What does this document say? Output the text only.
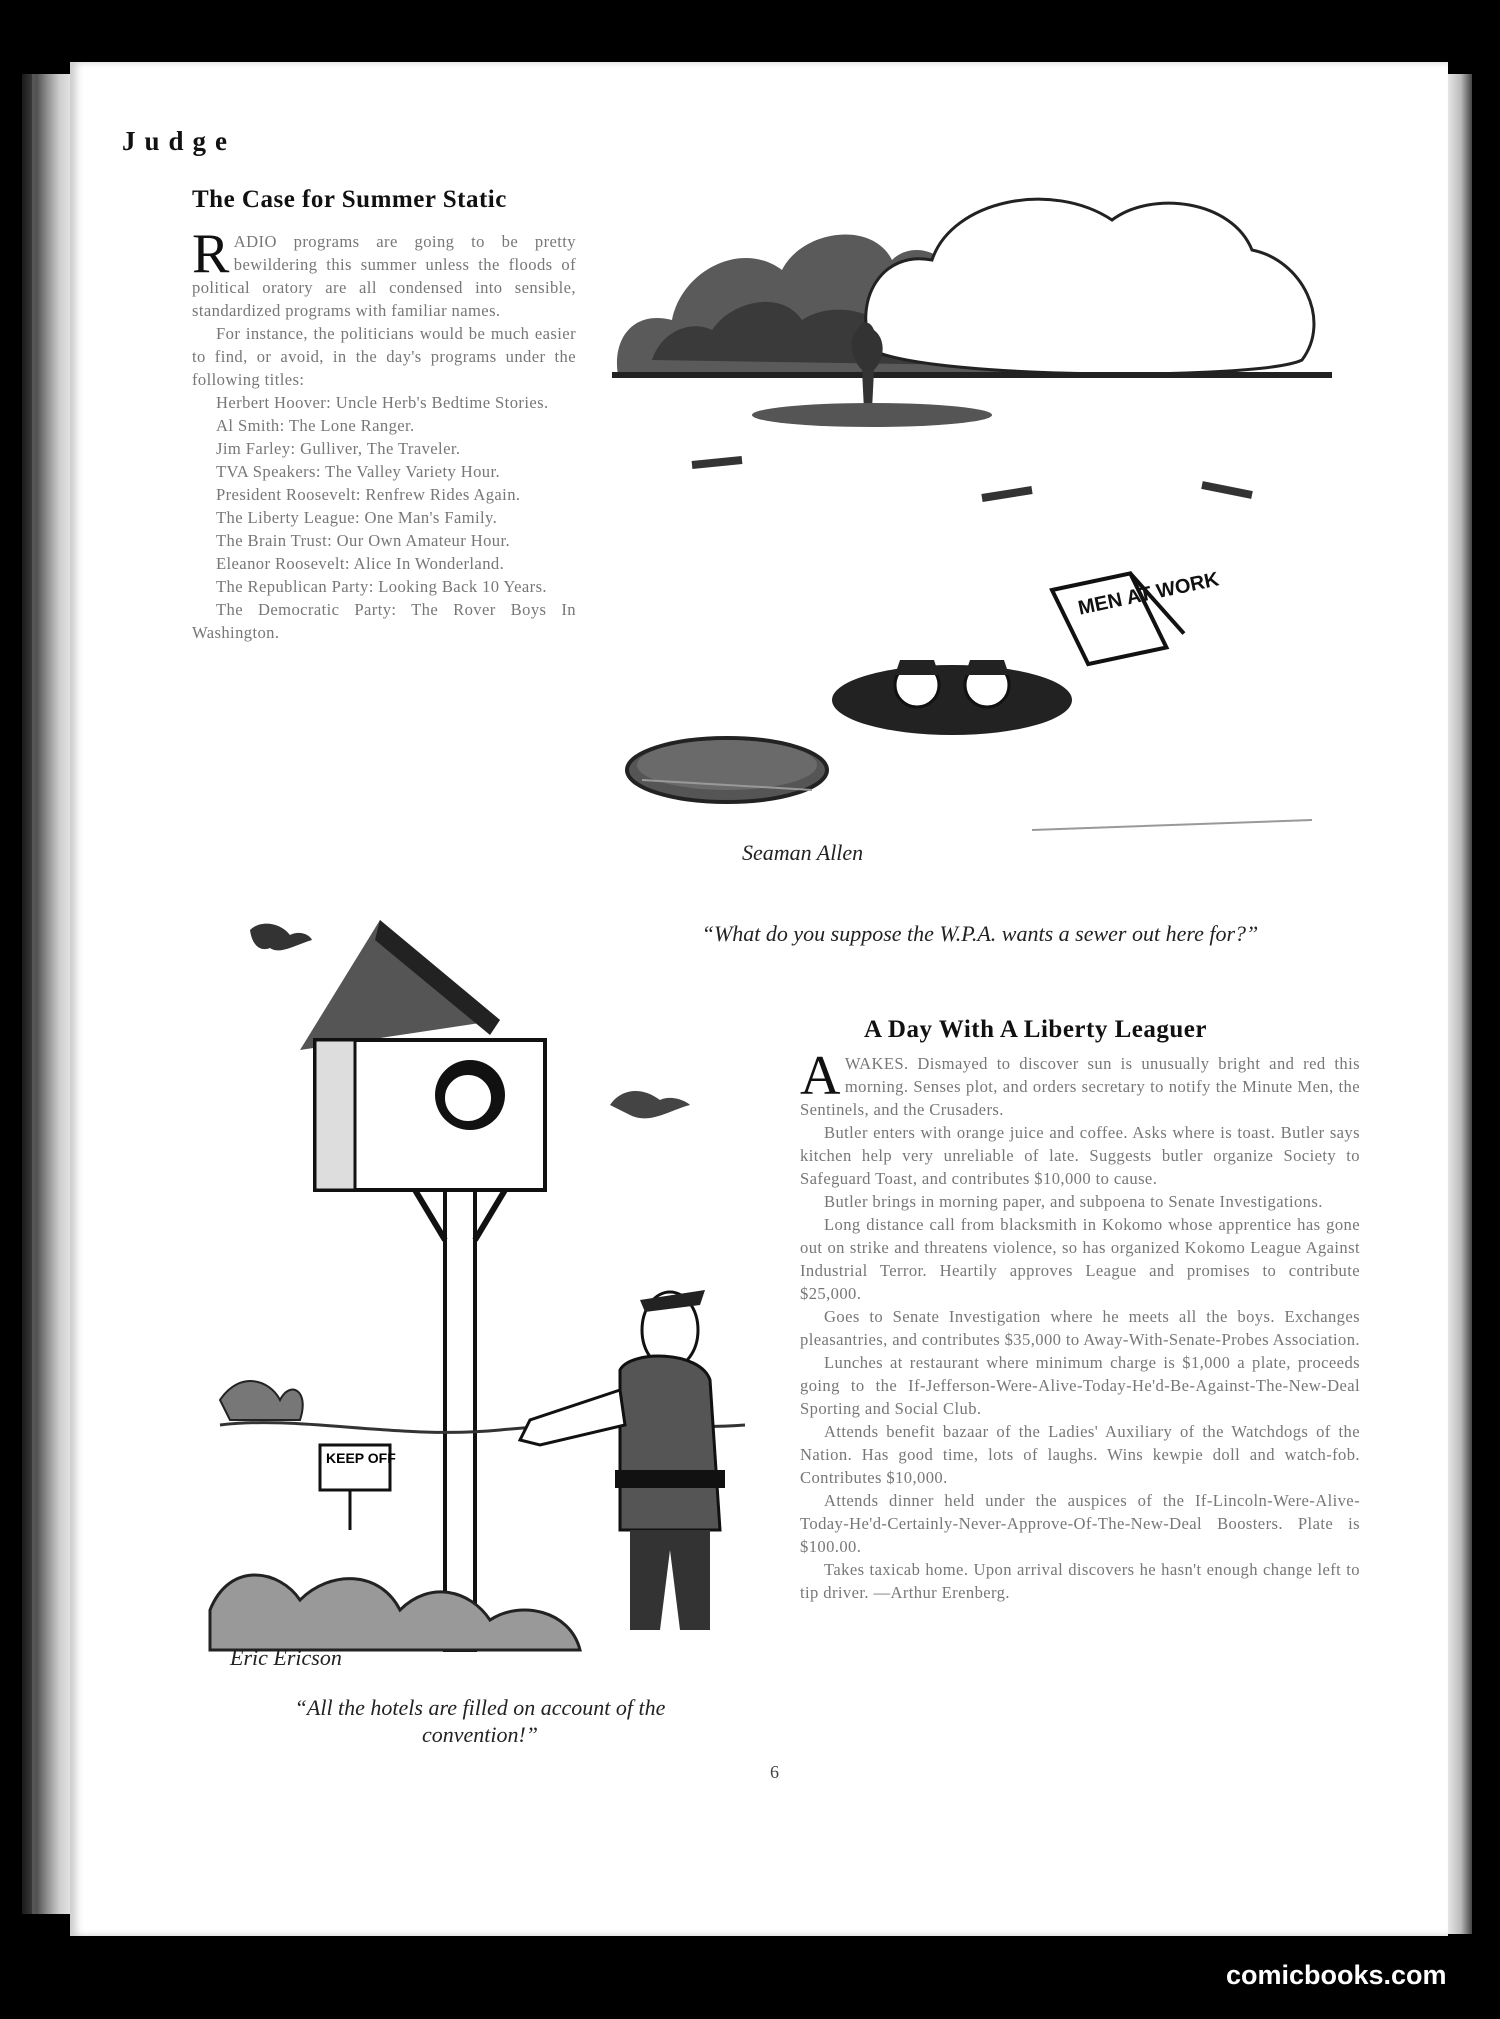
Judge
The Case for Summer Static

RADIO programs are going to be pretty bewildering this summer unless the floods of political oratory are all condensed into sensible, standardized programs with familiar names.

For instance, the politicians would be much easier to find, or avoid, in the day's programs under the following titles:

Herbert Hoover: Uncle Herb's Bedtime Stories.

Al Smith: The Lone Ranger.

Jim Farley: Gulliver, The Traveler.

TVA Speakers: The Valley Variety Hour.

President Roosevelt: Renfrew Rides Again.

The Liberty League: One Man's Family.

The Brain Trust: Our Own Amateur Hour.

Eleanor Roosevelt: Alice In Wonderland.

The Republican Party: Looking Back 10 Years.

The Democratic Party: The Rover Boys In Washington.

MEN AT WORK
Seaman Allen
“What do you suppose the W.P.A. wants a sewer out here for?”
KEEP OFF
Eric Ericson
“All the hotels are filled on account of the convention!”
A Day With A Liberty Leaguer

AWAKES. Dismayed to discover sun is unusually bright and red this morning. Senses plot, and orders secretary to notify the Minute Men, the Sentinels, and the Crusaders.

Butler enters with orange juice and coffee. Asks where is toast. Butler says kitchen help very unreliable of late. Suggests butler organize Society to Safeguard Toast, and contributes $10,000 to cause.

Butler brings in morning paper, and subpoena to Senate Investigations.

Long distance call from blacksmith in Kokomo whose apprentice has gone out on strike and threatens violence, so has organized Kokomo League Against Industrial Terror. Heartily approves League and promises to contribute $25,000.

Goes to Senate Investigation where he meets all the boys. Exchanges pleasantries, and contributes $35,000 to Away-With-Senate-Probes Association.

Lunches at restaurant where minimum charge is $1,000 a plate, proceeds going to the If-Jefferson-Were-Alive-Today-He'd-Be-Against-The-New-Deal Sporting and Social Club.

Attends benefit bazaar of the Ladies' Auxiliary of the Watchdogs of the Nation. Has good time, lots of laughs. Wins kewpie doll and watch-fob. Contributes $10,000.

Attends dinner held under the auspices of the If-Lincoln-Were-Alive-Today-He'd-Certainly-Never-Approve-Of-The-New-Deal Boosters. Plate is $100.00.

Takes taxicab home. Upon arrival discovers he hasn't enough change left to tip driver. —Arthur Erenberg.

6
comicbooks.com
